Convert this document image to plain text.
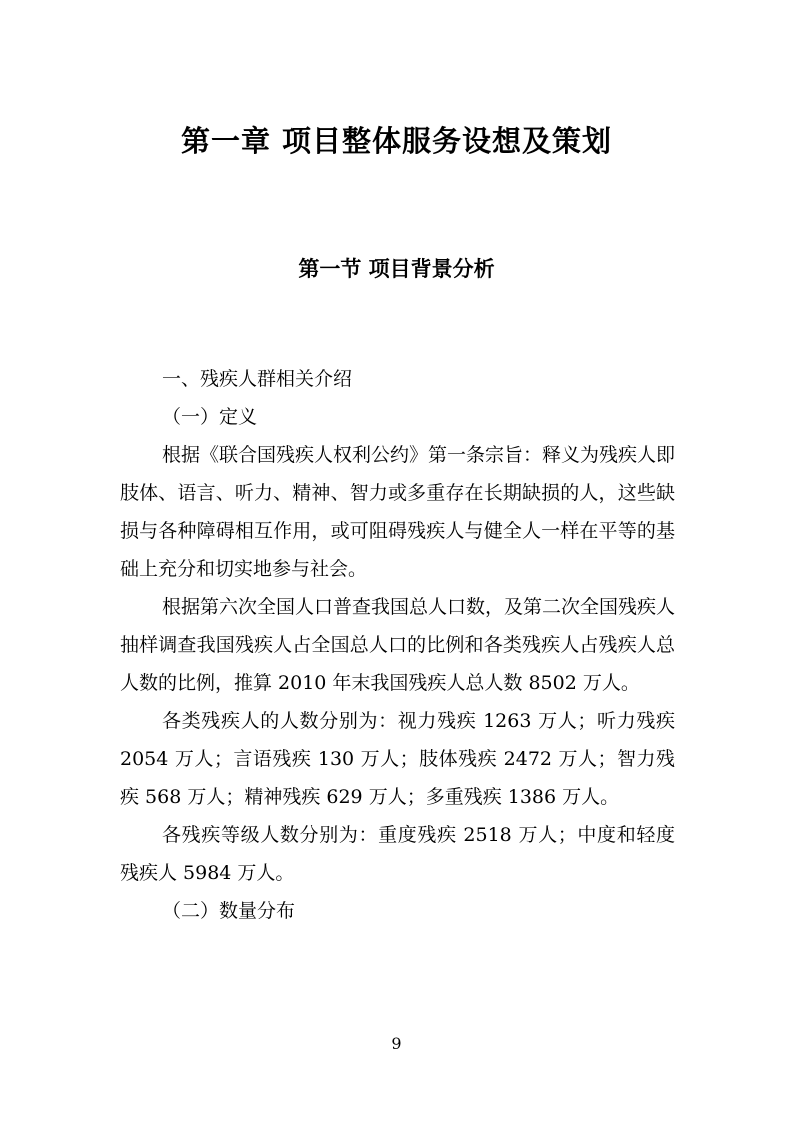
第一章 项目整体服务设想及策划
第一节 项目背景分析

一、残疾人群相关介绍

（一）定义

根据《联合国残疾人权利公约》第一条宗旨：释义为残疾人即肢体、语言、听力、精神、智力或多重存在长期缺损的人，这些缺损与各种障碍相互作用，或可阻碍残疾人与健全人一样在平等的基础上充分和切实地参与社会。

根据第六次全国人口普查我国总人口数，及第二次全国残疾人抽样调查我国残疾人占全国总人口的比例和各类残疾人占残疾人总人数的比例，推算 2010 年末我国残疾人总人数 8502 万人。

各类残疾人的人数分别为：视力残疾 1263 万人；听力残疾 2054 万人；言语残疾 130 万人；肢体残疾 2472 万人；智力残疾 568 万人；精神残疾 629 万人；多重残疾 1386 万人。

各残疾等级人数分别为：重度残疾 2518 万人；中度和轻度残疾人 5984 万人。

（二）数量分布

9
